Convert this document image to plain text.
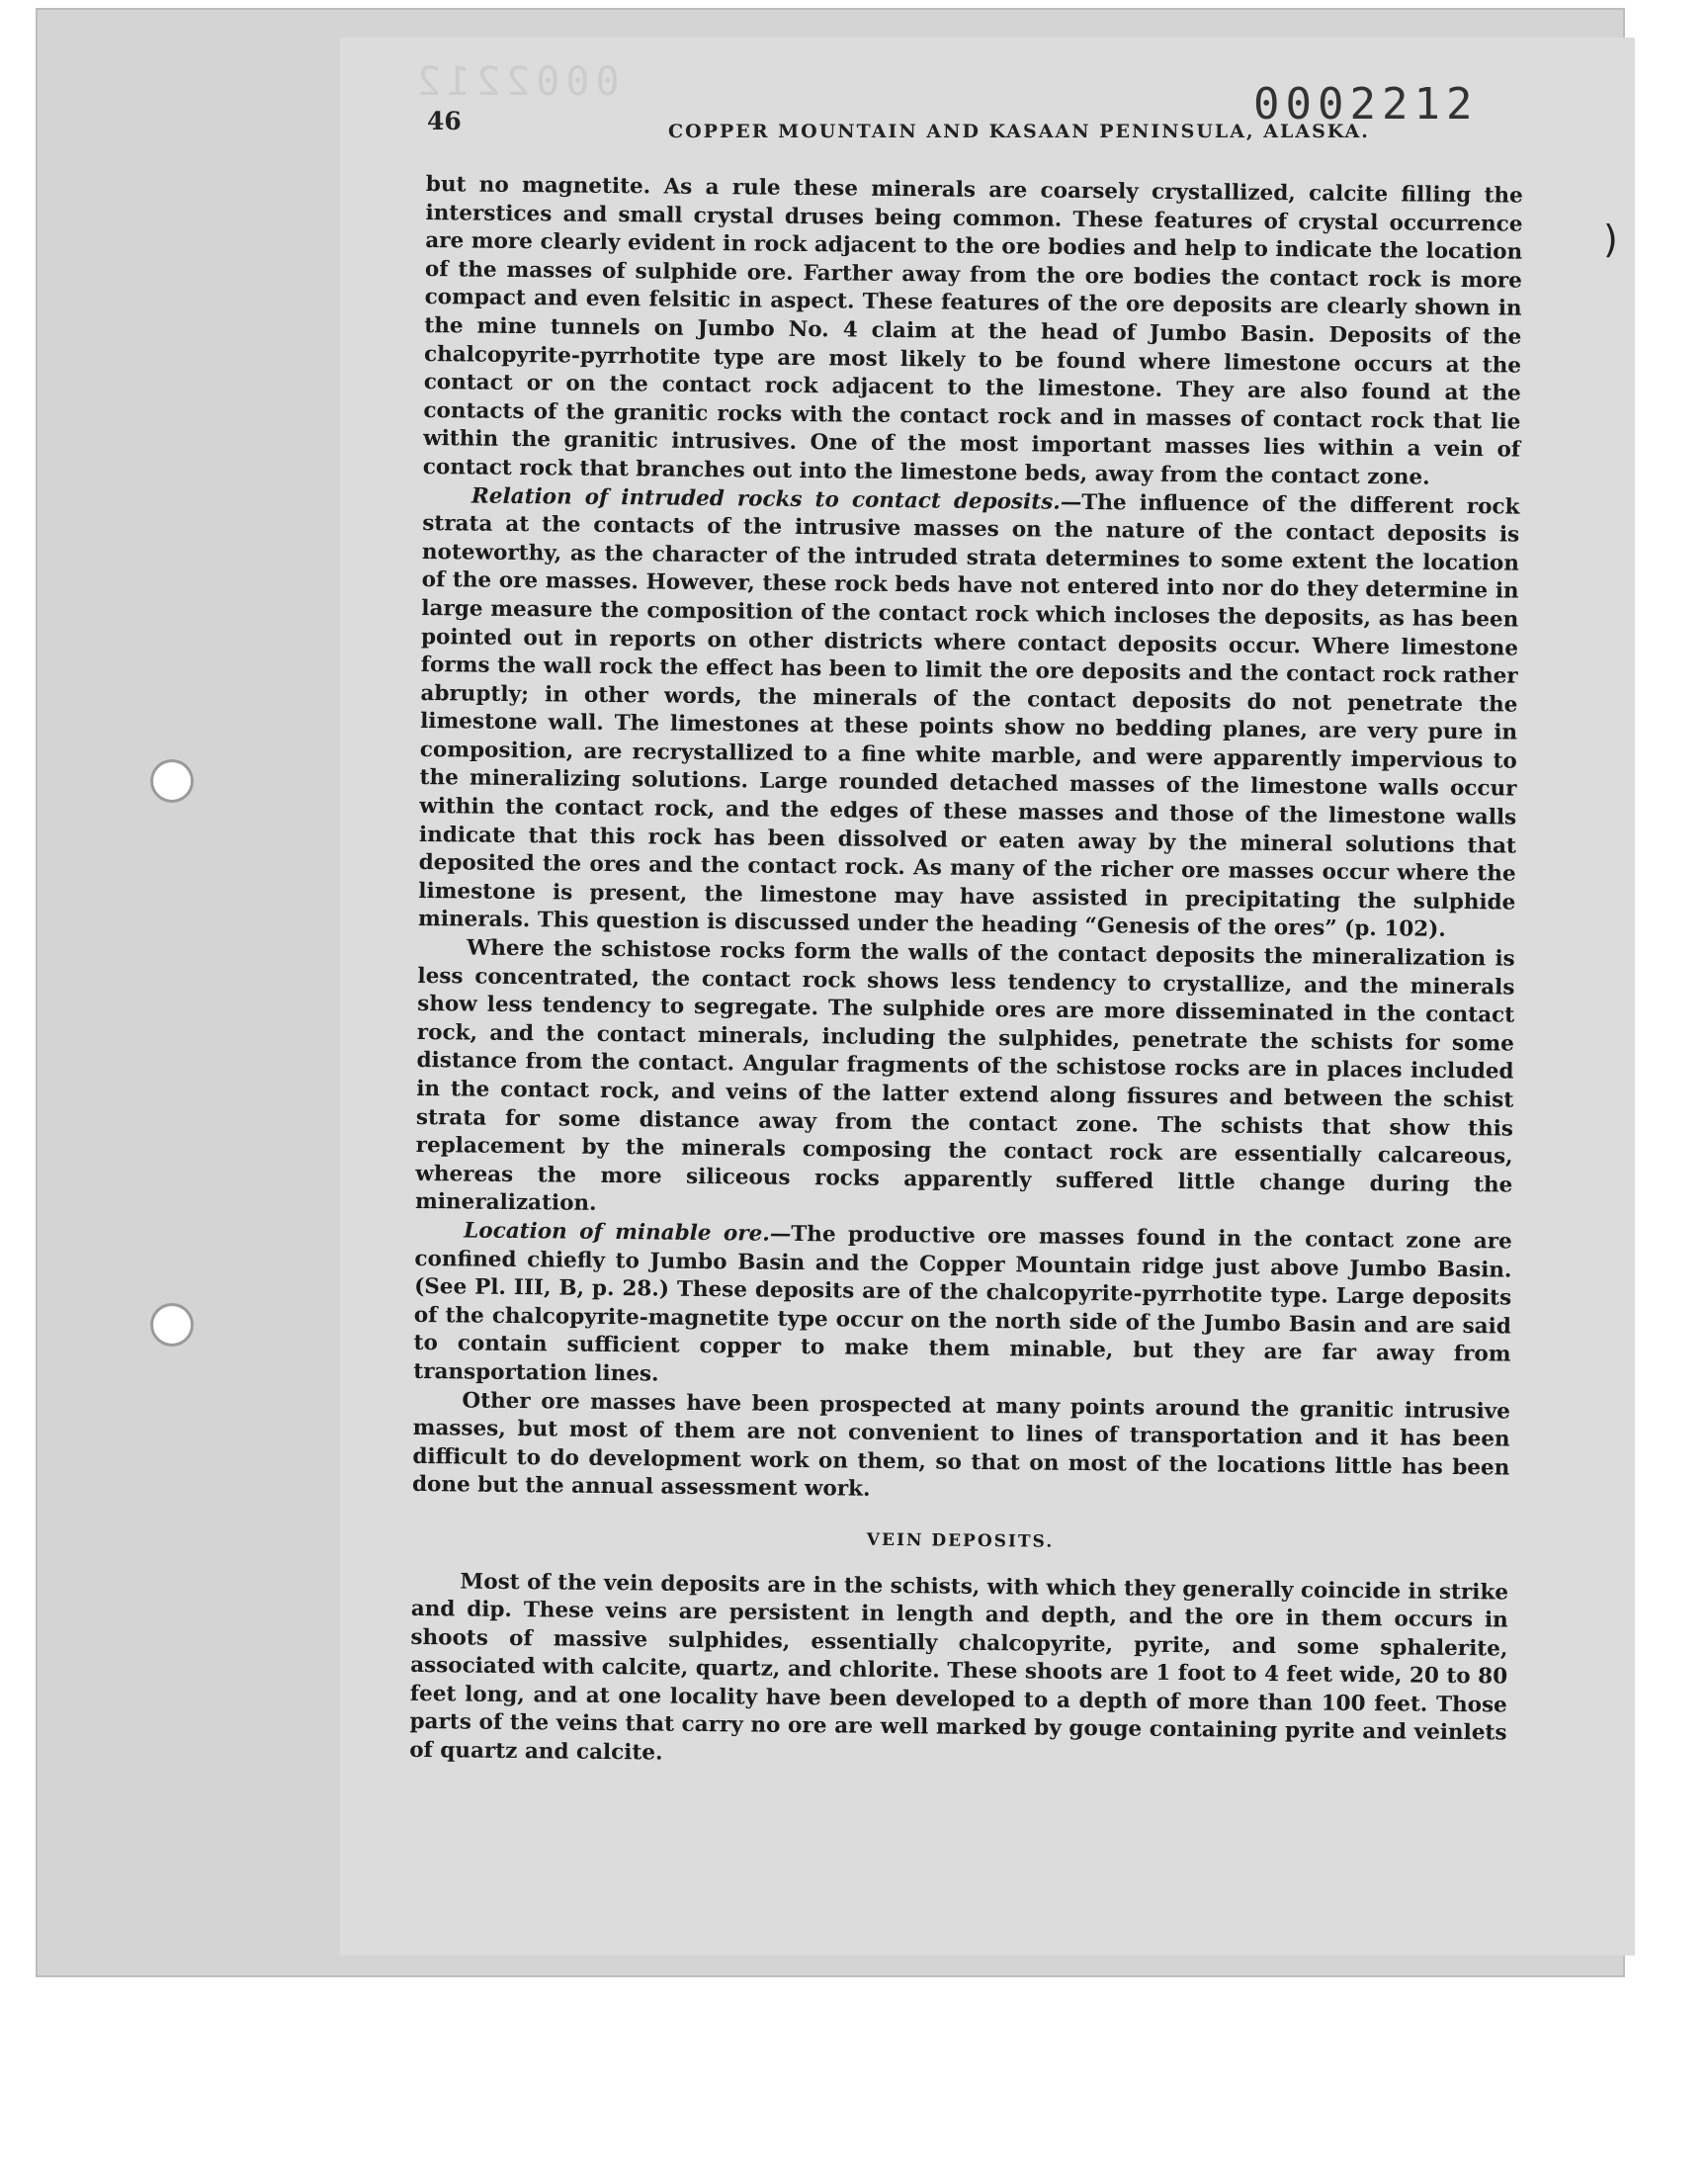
0002212	0002212
)
46	COPPER MOUNTAIN AND KASAAN PENINSULA, ALASKA.

but no magnetite. As a rule these minerals are coarsely crystallized, calcite filling the interstices and small crystal druses being common. These features of crystal occurrence are more clearly evident in rock adjacent to the ore bodies and help to indicate the location of the masses of sulphide ore. Farther away from the ore bodies the contact rock is more compact and even felsitic in aspect. These features of the ore deposits are clearly shown in the mine tunnels on Jumbo No. 4 claim at the head of Jumbo Basin. Deposits of the chalcopyrite-pyrrhotite type are most likely to be found where limestone occurs at the contact or on the contact rock adjacent to the limestone. They are also found at the contacts of the granitic rocks with the contact rock and in masses of contact rock that lie within the granitic intrusives. One of the most important masses lies within a vein of contact rock that branches out into the limestone beds, away from the contact zone.

Relation of intruded rocks to contact deposits.—The influence of the different rock strata at the contacts of the intrusive masses on the nature of the contact deposits is noteworthy, as the character of the intruded strata determines to some extent the location of the ore masses. However, these rock beds have not entered into nor do they determine in large measure the composition of the contact rock which incloses the deposits, as has been pointed out in reports on other districts where contact deposits occur. Where limestone forms the wall rock the effect has been to limit the ore deposits and the contact rock rather abruptly; in other words, the minerals of the contact deposits do not penetrate the limestone wall. The limestones at these points show no bedding planes, are very pure in composition, are recrystallized to a fine white marble, and were apparently impervious to the mineralizing solutions. Large rounded detached masses of the limestone walls occur within the contact rock, and the edges of these masses and those of the limestone walls indicate that this rock has been dissolved or eaten away by the mineral solutions that deposited the ores and the contact rock. As many of the richer ore masses occur where the limestone is present, the limestone may have assisted in precipitating the sulphide minerals. This question is discussed under the heading “Genesis of the ores” (p. 102).

Where the schistose rocks form the walls of the contact deposits the mineralization is less concentrated, the contact rock shows less tendency to crystallize, and the minerals show less tendency to segregate. The sulphide ores are more disseminated in the contact rock, and the contact minerals, including the sulphides, penetrate the schists for some distance from the contact. Angular fragments of the schistose rocks are in places included in the contact rock, and veins of the latter extend along fissures and between the schist strata for some distance away from the contact zone. The schists that show this replacement by the minerals composing the contact rock are essentially calcareous, whereas the more siliceous rocks apparently suffered little change during the mineralization.

Location of minable ore.—The productive ore masses found in the contact zone are confined chiefly to Jumbo Basin and the Copper Mountain ridge just above Jumbo Basin. (See Pl. III, B, p. 28.) These deposits are of the chalcopyrite-pyrrhotite type. Large deposits of the chalcopyrite-magnetite type occur on the north side of the Jumbo Basin and are said to contain sufficient copper to make them minable, but they are far away from transportation lines.

Other ore masses have been prospected at many points around the granitic intrusive masses, but most of them are not convenient to lines of transportation and it has been difficult to do development work on them, so that on most of the locations little has been done but the annual assessment work.

VEIN DEPOSITS.

Most of the vein deposits are in the schists, with which they generally coincide in strike and dip. These veins are persistent in length and depth, and the ore in them occurs in shoots of massive sulphides, essentially chalcopyrite, pyrite, and some sphalerite, associated with calcite, quartz, and chlorite. These shoots are 1 foot to 4 feet wide, 20 to 80 feet long, and at one locality have been developed to a depth of more than 100 feet. Those parts of the veins that carry no ore are well marked by gouge containing pyrite and veinlets of quartz and calcite.
